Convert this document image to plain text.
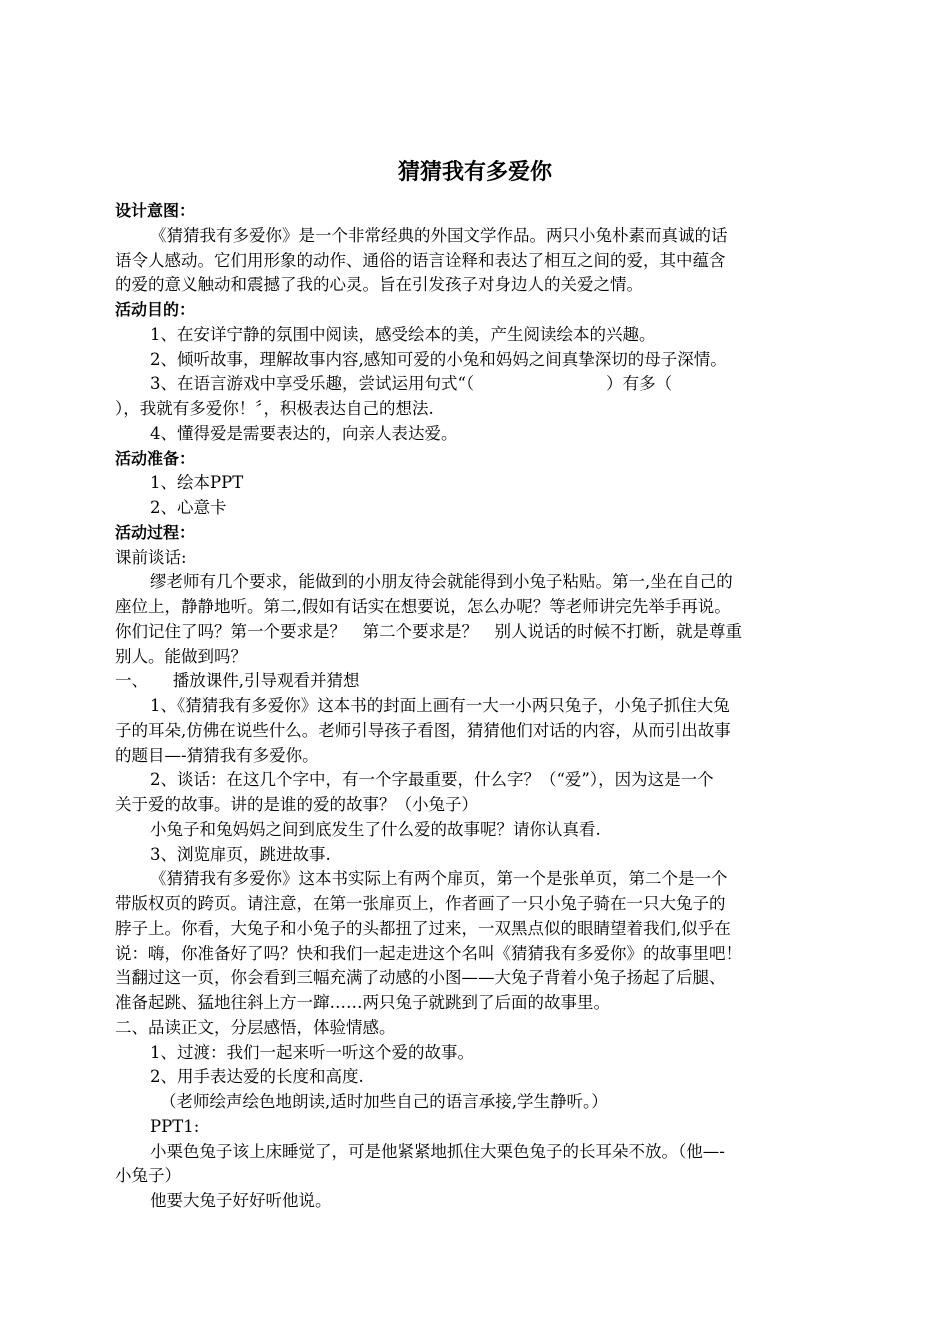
猜猜我有多爱你
设计意图：
《猜猜我有多爱你》是一个非常经典的外国文学作品。两只小兔朴素而真诚的话
语令人感动。它们用形象的动作、通俗的语言诠释和表达了相互之间的爱，其中蕴含
的爱的意义触动和震撼了我的心灵。旨在引发孩子对身边人的关爱之情。
活动目的：
1、在安详宁静的氛围中阅读，感受绘本的美，产生阅读绘本的兴趣。
2、倾听故事，理解故事内容,感知可爱的小兔和妈妈之间真挚深切的母子深情。
3、在语言游戏中享受乐趣，尝试运用句式“（　　　　　　　　）有多（
），我就有多爱你！〞，积极表达自己的想法.
4、懂得爱是需要表达的，向亲人表达爱。
活动准备：
1、绘本PPT
2、心意卡
活动过程：
课前谈话:
缪老师有几个要求，能做到的小朋友待会就能得到小兔子粘贴。第一,坐在自己的
座位上，静静地听。第二,假如有话实在想要说，怎么办呢？等老师讲完先举手再说。
你们记住了吗？第一个要求是？　第二个要求是？　别人说话的时候不打断，就是尊重
别人。能做到吗？
一、　　播放课件,引导观看并猜想
1、《猜猜我有多爱你》这本书的封面上画有一大一小两只兔子，小兔子抓住大兔
子的耳朵,仿佛在说些什么。老师引导孩子看图，猜猜他们对话的内容，从而引出故事
的题目—-猜猜我有多爱你。
2、谈话：在这几个字中，有一个字最重要，什么字？（“爱”），因为这是一个
关于爱的故事。讲的是谁的爱的故事？（小兔子）
小兔子和兔妈妈之间到底发生了什么爱的故事呢？请你认真看.
3、浏览扉页，跳进故事.
《猜猜我有多爱你》这本书实际上有两个扉页，第一个是张单页，第二个是一个
带版权页的跨页。请注意，在第一张扉页上，作者画了一只小兔子骑在一只大兔子的
脖子上。你看，大兔子和小兔子的头都扭了过来，一双黑点似的眼睛望着我们,似乎在
说：嗨，你准备好了吗？快和我们一起走进这个名叫《猜猜我有多爱你》的故事里吧！
当翻过这一页，你会看到三幅充满了动感的小图——大兔子背着小兔子扬起了后腿、
准备起跳、猛地往斜上方一蹿……两只兔子就跳到了后面的故事里。
二、品读正文，分层感悟，体验情感。
1、过渡：我们一起来听一听这个爱的故事。
2、用手表达爱的长度和高度.
（老师绘声绘色地朗读,适时加些自己的语言承接,学生静听。）
PPT1:
小栗色兔子该上床睡觉了，可是他紧紧地抓住大栗色兔子的长耳朵不放。（他—-
小兔子）
他要大兔子好好听他说。
